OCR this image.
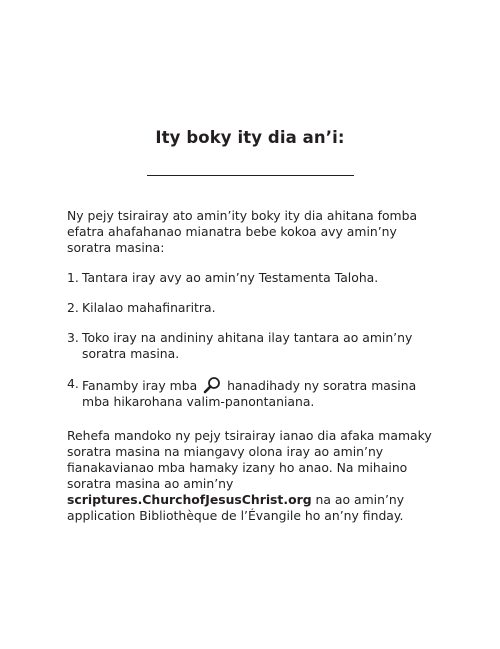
Ity boky ity dia an’i:

Ny pejy tsirairay ato amin’ity boky ity dia ahitana fomba efatra ahafahanao mianatra bebe kokoa avy amin’ny soratra masina:

1. Tantara iray avy ao amin’ny Testamenta Taloha.
2. Kilalao mahafinaritra.
3. Toko iray na andininy ahitana ilay tantara ao amin’ny soratra masina.
4. Fanamby iray mba hanadihady ny soratra masina mba hikarohana valim-panontaniana.

Rehefa mandoko ny pejy tsirairay ianao dia afaka mamaky soratra masina na miangavy olona iray ao amin’ny fianakavianao mba hamaky izany ho anao. Na mihaino soratra masina ao amin’ny scriptures.ChurchofJesusChrist.org na ao amin’ny application Bibliothèque de l’Évangile ho an’ny finday.
